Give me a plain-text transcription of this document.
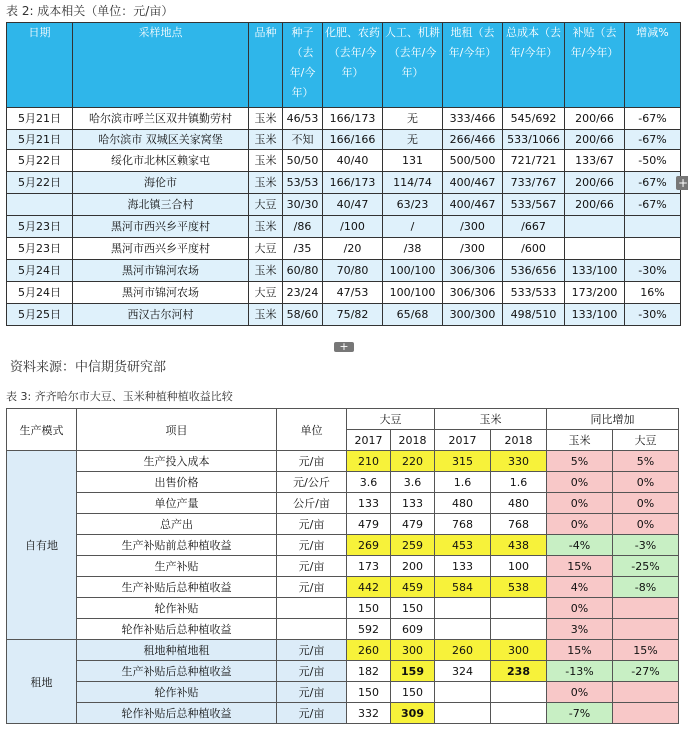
表 2: 成本相关（单位：元/亩）
日期	采样地点	品种	种子（去年/今年）	化肥、农药（去年/今年）	人工、机耕（去年/今年）	地租（去年/今年）	总成本（去年/今年）	补贴（去年/今年）	增减%
5月21日	哈尔滨市呼兰区双井镇勤劳村	玉米	46/53	166/173	无	333/466	545/692	200/66	-67%
5月21日	哈尔滨市 双城区关家窝堡	玉米	不知	166/166	无	266/466	533/1066	200/66	-67%
5月22日	绥化市北林区赖家屯	玉米	50/50	40/40	131	500/500	721/721	133/67	-50%
5月22日	海伦市	玉米	53/53	166/173	114/74	400/467	733/767	200/66	-67%
	海北镇三合村	大豆	30/30	40/47	63/23	400/467	533/567	200/66	-67%
5月23日	黑河市西兴乡平度村	玉米	/86	/100	/	/300	/667		
5月23日	黑河市西兴乡平度村	大豆	/35	/20	/38	/300	/600		
5月24日	黑河市锦河农场	玉米	60/80	70/80	100/100	306/306	536/656	133/100	-30%
5月24日	黑河市锦河农场	大豆	23/24	47/53	100/100	306/306	533/533	173/200	16%
5月25日	西汉古尔河村	玉米	58/60	75/82	65/68	300/300	498/510	133/100	-30%
+
+
资料来源：中信期货研究部
表 3: 齐齐哈尔市大豆、玉米种植种植收益比较
生产模式	项目	单位	大豆		玉米		同比增加	
			2017	2018	2017	2018	玉米	大豆
自有地	生产投入成本	元/亩	210	220	315	330	5%	5%
	出售价格	元/公斤	3.6	3.6	1.6	1.6	0%	0%
	单位产量	公斤/亩	133	133	480	480	0%	0%
	总产出	元/亩	479	479	768	768	0%	0%
	生产补贴前总种植收益	元/亩	269	259	453	438	-4%	-3%
	生产补贴	元/亩	173	200	133	100	15%	-25%
	生产补贴后总种植收益	元/亩	442	459	584	538	4%	-8%
	轮作补贴		150	150			0%	
	轮作补贴后总种植收益		592	609			3%	
租地	租地种植地租	元/亩	260	300	260	300	15%	15%
	生产补贴后总种植收益	元/亩	182	159	324	238	-13%	-27%
	轮作补贴	元/亩	150	150			0%	
	轮作补贴后总种植收益	元/亩	332	309			-7%	
